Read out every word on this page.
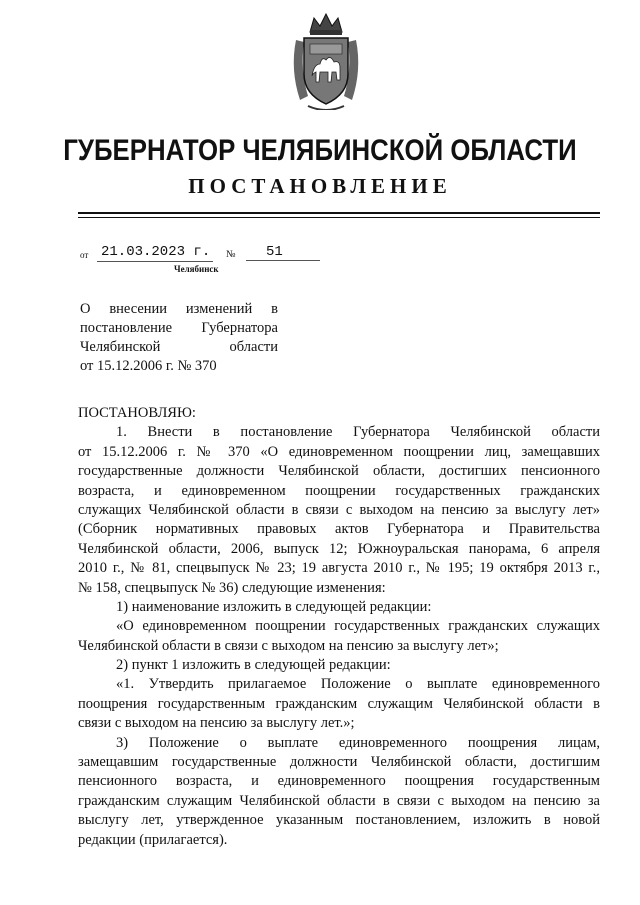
ГУБЕРНАТОР ЧЕЛЯБИНСКОЙ ОБЛАСТИ
ПОСТАНОВЛЕНИЕ
от 21.03.2023 г. №	51
Челябинск
О внесении изменений в
постановление Губернатора
Челябинской области
от 15.12.2006 г. № 370
ПОСТАНОВЛЯЮ:
1. Внести в постановление Губернатора Челябинской области
от 15.12.2006 г. № 370 «О единовременном поощрении лиц, замещавших
государственные должности Челябинской области, достигших пенсионного
возраста, и единовременном поощрении государственных гражданских
служащих Челябинской области в связи с выходом на пенсию за выслугу лет»
(Сборник нормативных правовых актов Губернатора и Правительства
Челябинской области, 2006, выпуск 12; Южноуральская панорама, 6 апреля
2010 г., № 81, спецвыпуск № 23; 19 августа 2010 г., № 195; 19 октября 2013 г.,
№ 158, спецвыпуск № 36) следующие изменения:
1) наименование изложить в следующей редакции:
«О единовременном поощрении государственных гражданских служащих
Челябинской области в связи с выходом на пенсию за выслугу лет»;
2) пункт 1 изложить в следующей редакции:
«1. Утвердить прилагаемое Положение о выплате единовременного
поощрения государственным гражданским служащим Челябинской области в
связи с выходом на пенсию за выслугу лет.»;
3) Положение о выплате единовременного поощрения лицам,
замещавшим государственные должности Челябинской области, достигшим
пенсионного возраста, и единовременного поощрения государственным
гражданским служащим Челябинской области в связи с выходом на пенсию за
выслугу лет, утвержденное указанным постановлением, изложить в новой
редакции (прилагается).
